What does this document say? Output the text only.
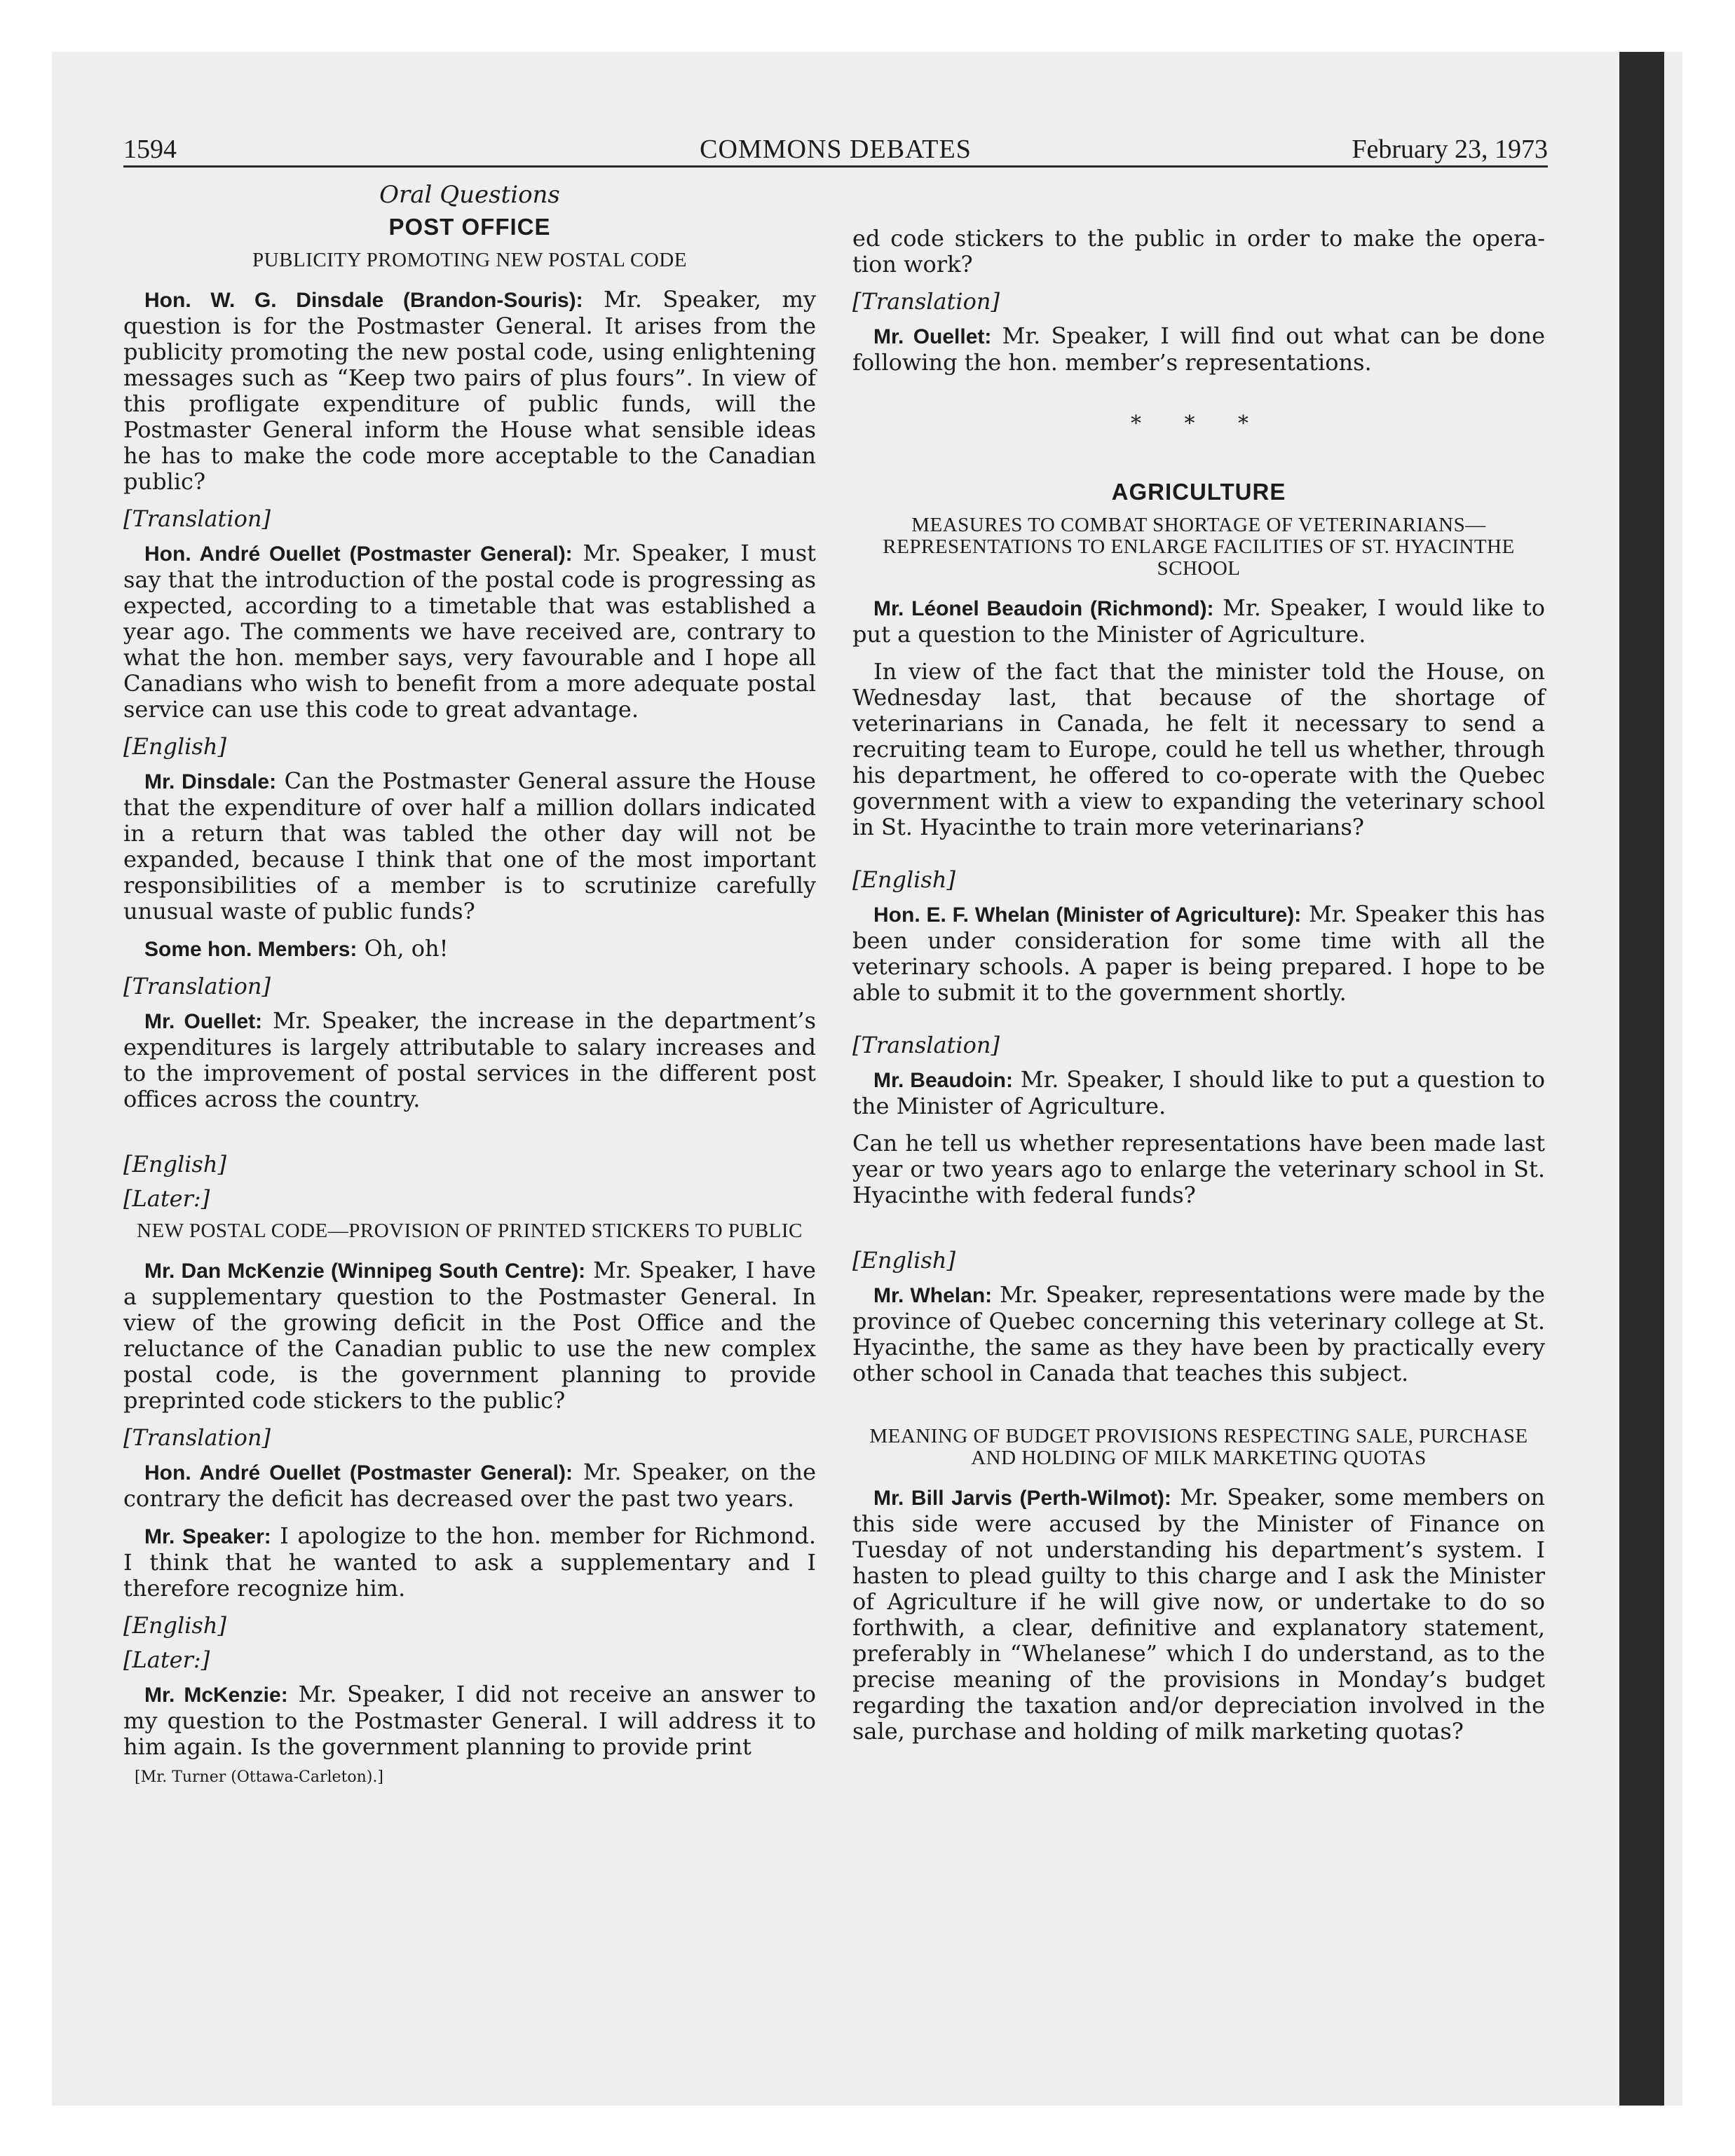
1594	COMMONS DEBATES	February 23, 1973
Oral Questions
POST OFFICE
PUBLICITY PROMOTING NEW POSTAL CODE

Hon. W. G. Dinsdale (Brandon-Souris): Mr. Speaker, my question is for the Postmaster General. It arises from the publicity promoting the new postal code, using enlightening messages such as “Keep two pairs of plus fours”. In view of this profligate expenditure of public funds, will the Postmaster General inform the House what sensible ideas he has to make the code more acceptable to the Canadian public?

[Translation]

Hon. André Ouellet (Postmaster General): Mr. Speaker, I must say that the introduction of the postal code is progressing as expected, according to a timetable that was established a year ago. The comments we have received are, contrary to what the hon. member says, very favourable and I hope all Canadians who wish to benefit from a more adequate postal service can use this code to great advantage.

[English]

Mr. Dinsdale: Can the Postmaster General assure the House that the expenditure of over half a million dollars indicated in a return that was tabled the other day will not be expanded, because I think that one of the most important responsibilities of a member is to scrutinize carefully unusual waste of public funds?

Some hon. Members: Oh, oh!

[Translation]

Mr. Ouellet: Mr. Speaker, the increase in the department’s expenditures is largely attributable to salary increases and to the improvement of postal services in the different post offices across the country.

[English]
[Later:]
NEW POSTAL CODE—PROVISION OF PRINTED STICKERS TO PUBLIC

Mr. Dan McKenzie (Winnipeg South Centre): Mr. Speaker, I have a supplementary question to the Postmaster General. In view of the growing deficit in the Post Office and the reluctance of the Canadian public to use the new complex postal code, is the government planning to provide preprinted code stickers to the public?

[Translation]

Hon. André Ouellet (Postmaster General): Mr. Speaker, on the contrary the deficit has decreased over the past two years.

Mr. Speaker: I apologize to the hon. member for Richmond. I think that he wanted to ask a supplementary and I therefore recognize him.

[English]
[Later:]

Mr. McKenzie: Mr. Speaker, I did not receive an answer to my question to the Postmaster General. I will address it to him again. Is the government planning to provide print

[Mr. Turner (Ottawa-Carleton).]

ed code stickers to the public in order to make the operation work?

[Translation]

Mr. Ouellet: Mr. Speaker, I will find out what can be done following the hon. member’s representations.

* * *
AGRICULTURE
MEASURES TO COMBAT SHORTAGE OF VETERINARIANS—REPRESENTATIONS TO ENLARGE FACILITIES OF ST. HYACINTHE SCHOOL

Mr. Léonel Beaudoin (Richmond): Mr. Speaker, I would like to put a question to the Minister of Agriculture.

In view of the fact that the minister told the House, on Wednesday last, that because of the shortage of veterinarians in Canada, he felt it necessary to send a recruiting team to Europe, could he tell us whether, through his department, he offered to co-operate with the Quebec government with a view to expanding the veterinary school in St. Hyacinthe to train more veterinarians?

[English]

Hon. E. F. Whelan (Minister of Agriculture): Mr. Speaker this has been under consideration for some time with all the veterinary schools. A paper is being prepared. I hope to be able to submit it to the government shortly.

[Translation]

Mr. Beaudoin: Mr. Speaker, I should like to put a question to the Minister of Agriculture.

Can he tell us whether representations have been made last year or two years ago to enlarge the veterinary school in St. Hyacinthe with federal funds?

[English]

Mr. Whelan: Mr. Speaker, representations were made by the province of Quebec concerning this veterinary college at St. Hyacinthe, the same as they have been by practically every other school in Canada that teaches this subject.

MEANING OF BUDGET PROVISIONS RESPECTING SALE, PURCHASE AND HOLDING OF MILK MARKETING QUOTAS

Mr. Bill Jarvis (Perth-Wilmot): Mr. Speaker, some members on this side were accused by the Minister of Finance on Tuesday of not understanding his department’s system. I hasten to plead guilty to this charge and I ask the Minister of Agriculture if he will give now, or undertake to do so forthwith, a clear, definitive and explanatory statement, preferably in “Whelanese” which I do understand, as to the precise meaning of the provisions in Monday’s budget regarding the taxation and/or depreciation involved in the sale, purchase and holding of milk marketing quotas?
